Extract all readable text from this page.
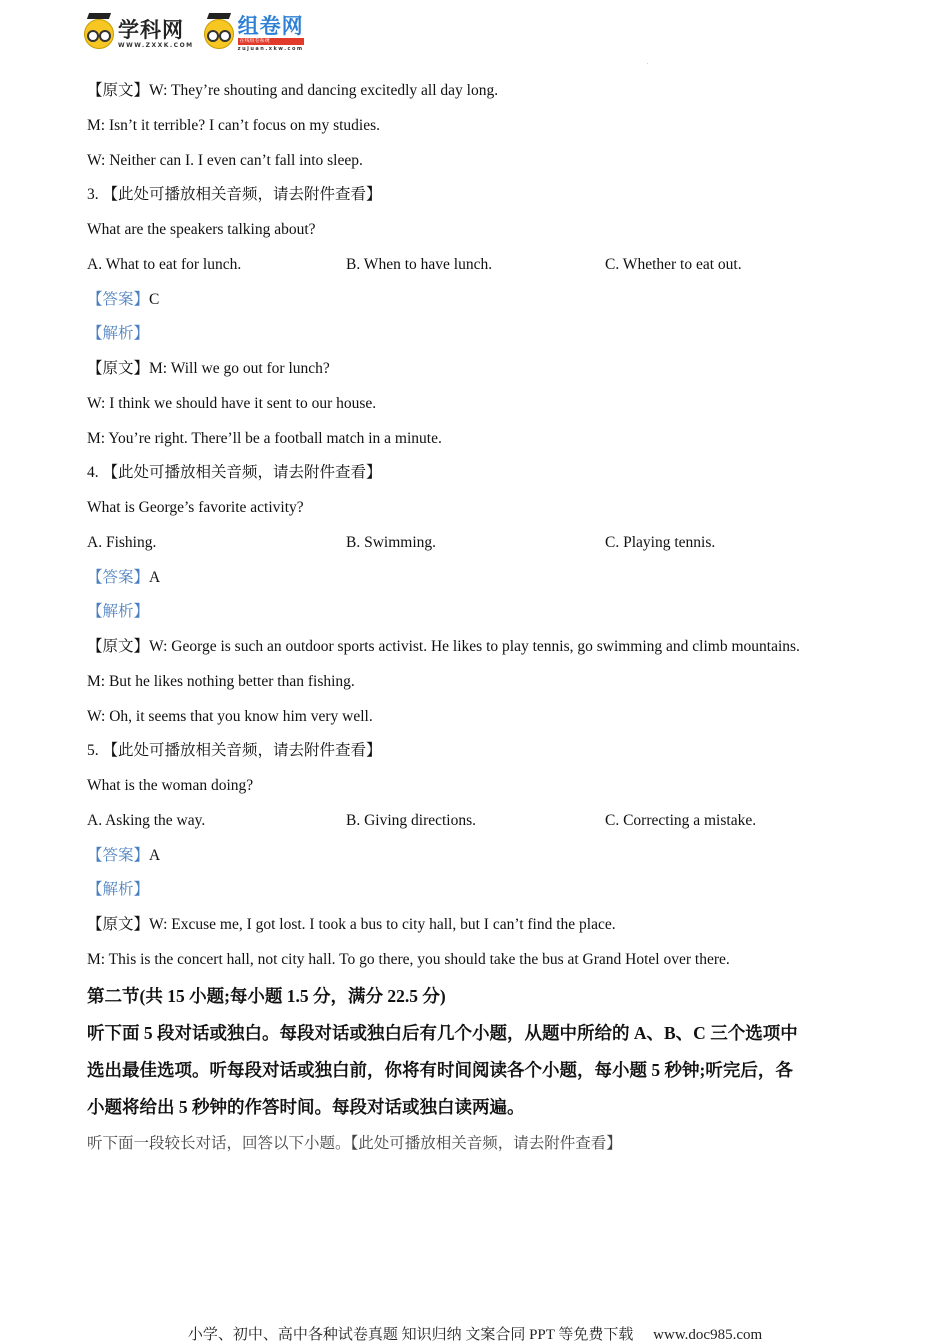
学科网
WWW.ZXXK.COM
组卷网
在线组卷系统
zujuan.xkw.com
.
【原文】W: They’re shouting and dancing excitedly all day long.
M: Isn’t it terrible? I can’t focus on my studies.
W: Neither can I. I even can’t fall into sleep.
3. 【此处可播放相关音频，请去附件查看】
What are the speakers talking about?
A. What to eat for lunch.	B. When to have lunch.	C. Whether to eat out.
【答案】C
【解析】
【原文】M: Will we go out for lunch?
W: I think we should have it sent to our house.
M: You’re right. There’ll be a football match in a minute.
4. 【此处可播放相关音频，请去附件查看】
What is George’s favorite activity?
A. Fishing.	B. Swimming.	C. Playing tennis.
【答案】A
【解析】
【原文】W: George is such an outdoor sports activist. He likes to play tennis, go swimming and climb mountains.
M: But he likes nothing better than fishing.
W: Oh, it seems that you know him very well.
5. 【此处可播放相关音频，请去附件查看】
What is the woman doing?
A. Asking the way.	B. Giving directions.	C. Correcting a mistake.
【答案】A
【解析】
【原文】W: Excuse me, I got lost. I took a bus to city hall, but I can’t find the place.
M: This is the concert hall, not city hall. To go there, you should take the bus at Grand Hotel over there.
第二节(共 15 小题;每小题 1.5 分，满分 22.5 分)
听下面 5 段对话或独白。每段对话或独白后有几个小题，从题中所给的 A、B、C 三个选项中
选出最佳选项。听每段对话或独白前，你将有时间阅读各个小题，每小题 5 秒钟;听完后，各
小题将给出 5 秒钟的作答时间。每段对话或独白读两遍。
听下面一段较长对话，回答以下小题。【此处可播放相关音频，请去附件查看】
小学、初中、高中各种试卷真题 知识归纳 文案合同 PPT 等免费下载 www.doc985.com
